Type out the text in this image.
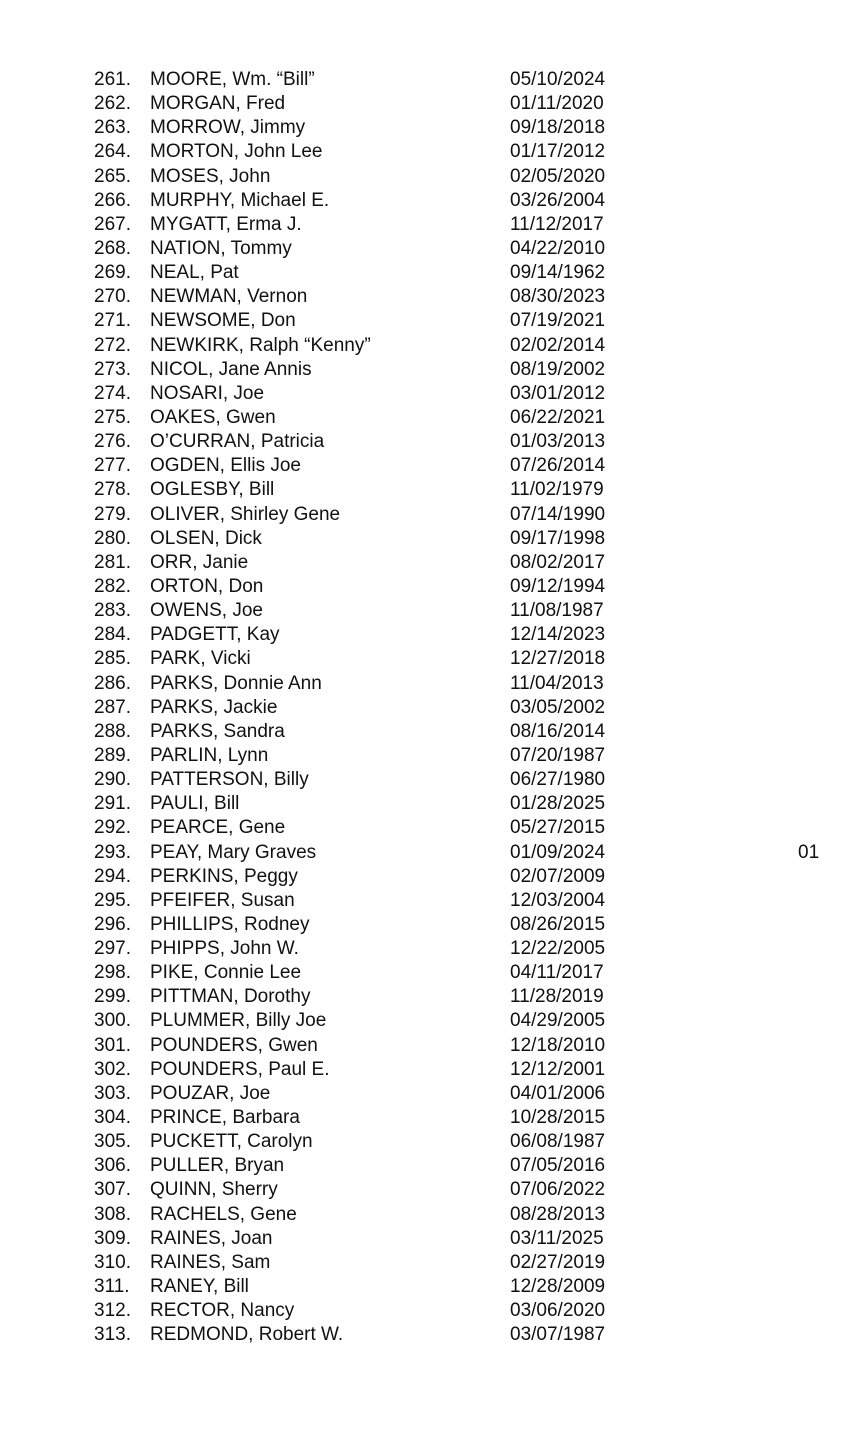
261. MOORE, Wm. “Bill”	05/10/2024
262. MORGAN, Fred	01/11/2020
263. MORROW, Jimmy	09/18/2018
264. MORTON, John Lee	01/17/2012
265. MOSES, John	02/05/2020
266. MURPHY, Michael E.	03/26/2004
267. MYGATT, Erma J.	11/12/2017
268. NATION, Tommy	04/22/2010
269. NEAL, Pat	09/14/1962
270. NEWMAN, Vernon	08/30/2023
271. NEWSOME, Don	07/19/2021
272. NEWKIRK, Ralph “Kenny”	02/02/2014
273. NICOL, Jane Annis	08/19/2002
274. NOSARI, Joe	03/01/2012
275. OAKES, Gwen	06/22/2021
276. O’CURRAN, Patricia	01/03/2013
277. OGDEN, Ellis Joe	07/26/2014
278. OGLESBY, Bill	11/02/1979
279. OLIVER, Shirley Gene	07/14/1990
280. OLSEN, Dick	09/17/1998
281. ORR, Janie	08/02/2017
282. ORTON, Don	09/12/1994
283. OWENS, Joe	11/08/1987
284. PADGETT, Kay	12/14/2023
285. PARK, Vicki	12/27/2018
286. PARKS, Donnie Ann	11/04/2013
287. PARKS, Jackie	03/05/2002
288. PARKS, Sandra	08/16/2014
289. PARLIN, Lynn	07/20/1987
290. PATTERSON, Billy	06/27/1980
291. PAULI, Bill	01/28/2025
292. PEARCE, Gene	05/27/2015
293. PEAY, Mary Graves	01/09/2024	01
294. PERKINS, Peggy	02/07/2009
295. PFEIFER, Susan	12/03/2004
296. PHILLIPS, Rodney	08/26/2015
297. PHIPPS, John W.	12/22/2005
298. PIKE, Connie Lee	04/11/2017
299. PITTMAN, Dorothy	11/28/2019
300. PLUMMER, Billy Joe	04/29/2005
301. POUNDERS, Gwen	12/18/2010
302. POUNDERS, Paul E.	12/12/2001
303. POUZAR, Joe	04/01/2006
304. PRINCE, Barbara	10/28/2015
305. PUCKETT, Carolyn	06/08/1987
306. PULLER, Bryan	07/05/2016
307. QUINN, Sherry	07/06/2022
308. RACHELS, Gene	08/28/2013
309. RAINES, Joan	03/11/2025
310. RAINES, Sam	02/27/2019
311. RANEY, Bill	12/28/2009
312. RECTOR, Nancy	03/06/2020
313. REDMOND, Robert W.	03/07/1987
